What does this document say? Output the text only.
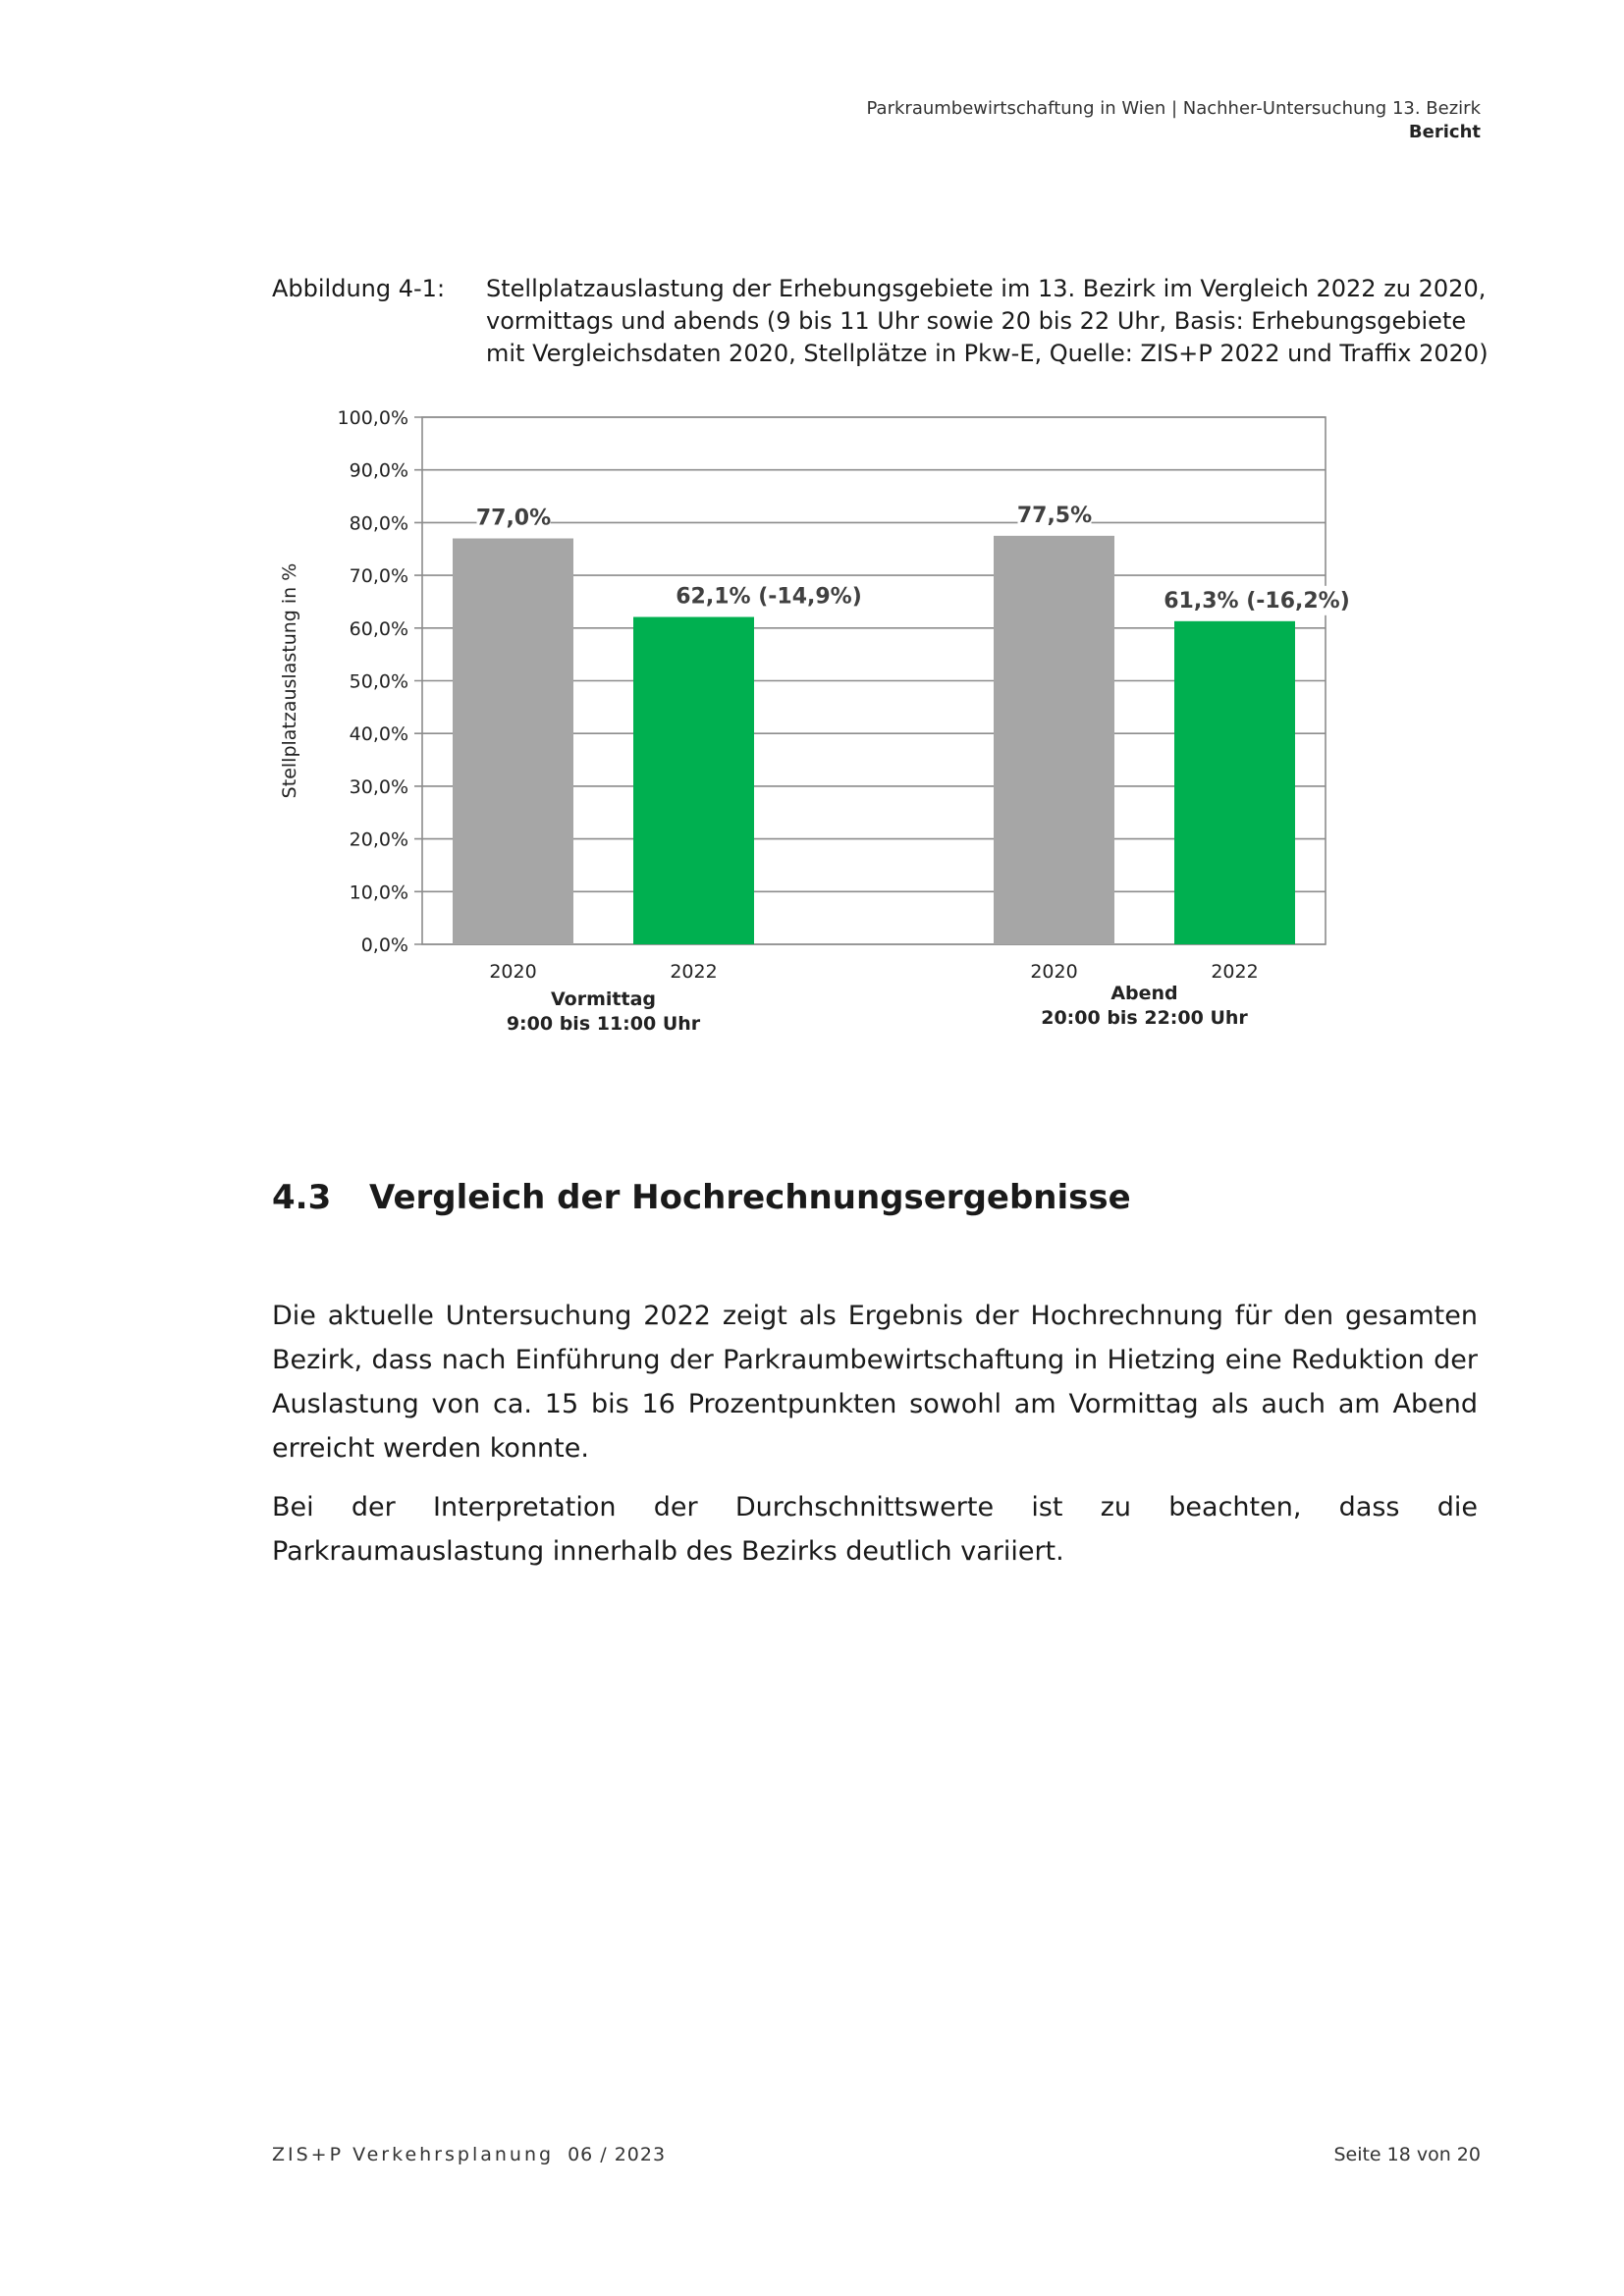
Parkraumbewirtschaftung in Wien | Nachher-Untersuchung 13. Bezirk
Bericht
Abbildung 4-1: Stellplatzauslastung der Erhebungsgebiete im 13. Bezirk im Vergleich 2022 zu 2020, vormittags und abends (9 bis 11 Uhr sowie 20 bis 22 Uhr, Basis: Erhebungsgebiete mit Vergleichsdaten 2020, Stellplätze in Pkw-E, Quelle: ZIS+P 2022 und Traffix 2020)
0,0%
10,0%
20,0%
30,0%
40,0%
50,0%
60,0%
70,0%
80,0%
90,0%
100,0%
Stellplatzauslastung in %
77,0%
2020
62,1% (-14,9%)
2022
Vormittag
9:00 bis 11:00 Uhr
77,5%
2020
61,3% (-16,2%)
2022
Abend
20:00 bis 22:00 Uhr
4.3 Vergleich der Hochrechnungsergebnisse
Die aktuelle Untersuchung 2022 zeigt als Ergebnis der Hochrechnung für den gesamten Bezirk, dass nach Einführung der Parkraumbewirtschaftung in Hietzing eine Reduktion der Auslastung von ca. 15 bis 16 Prozentpunkten sowohl am Vormittag als auch am Abend erreicht werden konnte.
Bei der Interpretation der Durchschnittswerte ist zu beachten, dass die Parkraumauslastung innerhalb des Bezirks deutlich variiert.
ZIS+P Verkehrsplanung 06 / 2023	Seite 18 von 20
